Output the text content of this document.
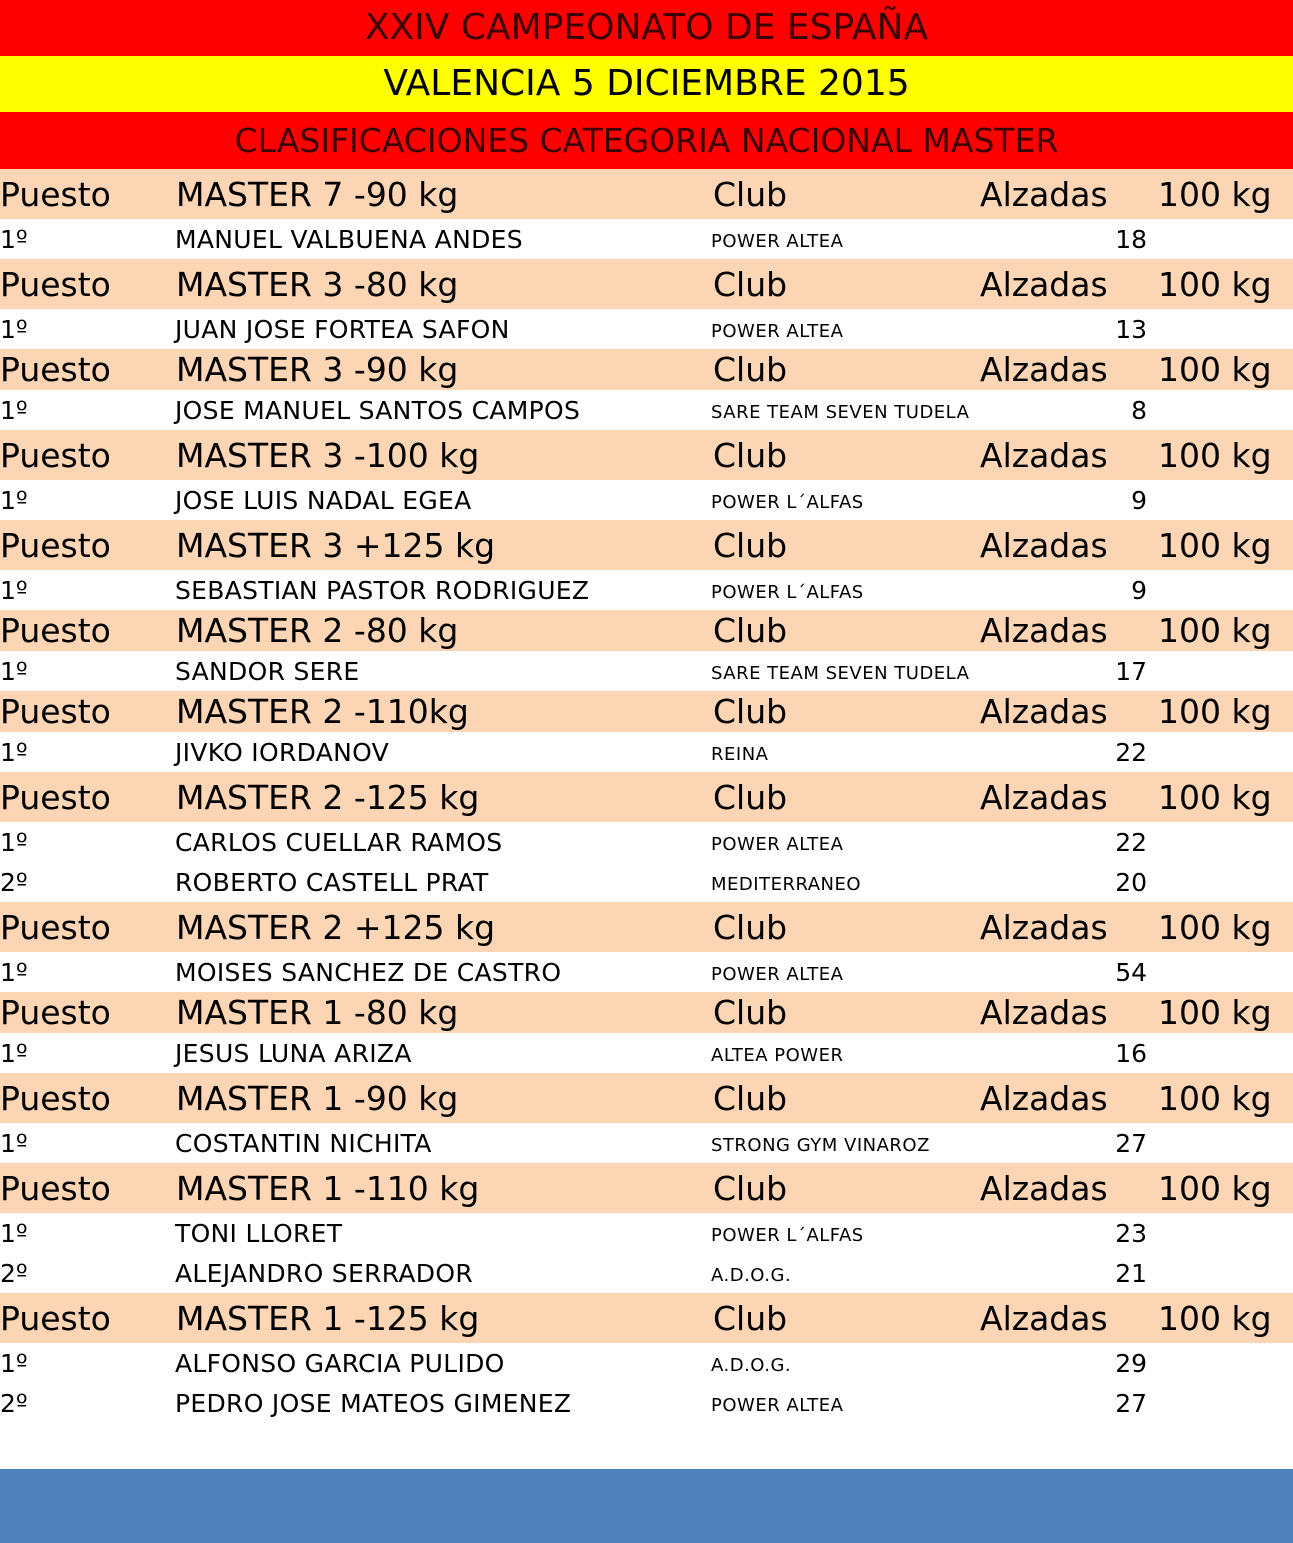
XXIV CAMPEONATO DE ESPAÑA
VALENCIA 5 DICIEMBRE 2015
CLASIFICACIONES CATEGORIA NACIONAL MASTER
Puesto MASTER 7 -90 kg	Club	Alzadas 100 kg
1º	MANUEL VALBUENA ANDES	POWER ALTEA	18
Puesto MASTER 3 -80 kg	Club	Alzadas 100 kg
1º	JUAN JOSE FORTEA SAFON	POWER ALTEA	13
Puesto MASTER 3 -90 kg	Club	Alzadas 100 kg
1º	JOSE MANUEL SANTOS CAMPOS	SARE TEAM SEVEN TUDELA	8
Puesto MASTER 3 -100 kg	Club	Alzadas 100 kg
1º	JOSE LUIS NADAL EGEA	POWER L´ALFAS	9
Puesto MASTER 3 +125 kg	Club	Alzadas 100 kg
1º	SEBASTIAN PASTOR RODRIGUEZ	POWER L´ALFAS	9
Puesto MASTER 2 -80 kg	Club	Alzadas 100 kg
1º	SANDOR SERE	SARE TEAM SEVEN TUDELA	17
Puesto MASTER 2 -110kg	Club	Alzadas 100 kg
1º	JIVKO IORDANOV	REINA	22
Puesto MASTER 2 -125 kg	Club	Alzadas 100 kg
1º	CARLOS CUELLAR RAMOS	POWER ALTEA	22
2º	ROBERTO CASTELL PRAT	MEDITERRANEO	20
Puesto MASTER 2 +125 kg	Club	Alzadas 100 kg
1º	MOISES SANCHEZ DE CASTRO	POWER ALTEA	54
Puesto MASTER 1 -80 kg	Club	Alzadas 100 kg
1º	JESUS LUNA ARIZA	ALTEA POWER	16
Puesto MASTER 1 -90 kg	Club	Alzadas 100 kg
1º	COSTANTIN NICHITA	STRONG GYM VINAROZ	27
Puesto MASTER 1 -110 kg	Club	Alzadas 100 kg
1º	TONI LLORET	POWER L´ALFAS	23
2º	ALEJANDRO SERRADOR	A.D.O.G.	21
Puesto MASTER 1 -125 kg	Club	Alzadas 100 kg
1º	ALFONSO GARCIA PULIDO	A.D.O.G.	29
2º	PEDRO JOSE MATEOS GIMENEZ	POWER ALTEA	27
